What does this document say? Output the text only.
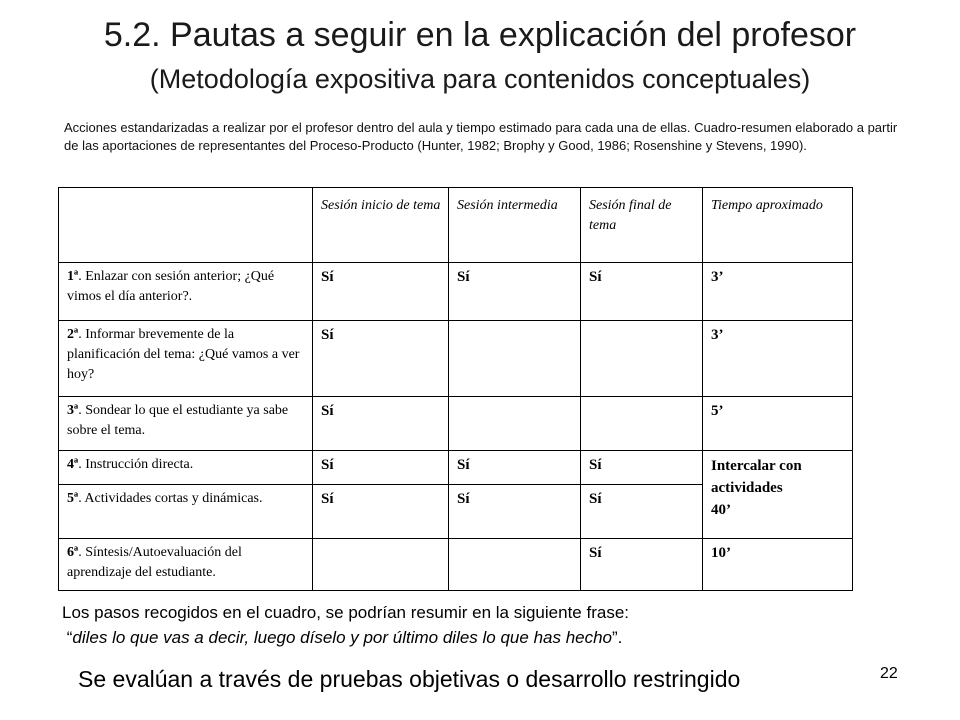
5.2. Pautas a seguir en la explicación del profesor
(Metodología expositiva para contenidos conceptuales)
Acciones estandarizadas a realizar por el profesor dentro del aula y tiempo estimado para cada una de ellas. Cuadro-resumen elaborado a partir de las aportaciones de representantes del Proceso-Producto (Hunter, 1982; Brophy y Good, 1986; Rosenshine y Stevens, 1990).
	Sesión inicio de tema	Sesión intermedia	Sesión final de tema	Tiempo aproximado
1ª. Enlazar con sesión anterior; ¿Qué vimos el día anterior?.	Sí	Sí	Sí	3’
2ª. Informar brevemente de la planificación del tema: ¿Qué vamos a ver hoy?	Sí			3’
3ª. Sondear lo que el estudiante ya sabe sobre el tema.	Sí			5’
4ª. Instrucción directa.	Sí	Sí	Sí	Intercalar con
actividades
40’

5ª. Actividades cortas y dinámicas.	Sí	Sí	Sí	
6ª. Síntesis/Autoevaluación del aprendizaje del estudiante.			Sí	10’
Los pasos recogidos en el cuadro, se podrían resumir en la siguiente frase:
“diles lo que vas a decir, luego díselo y por último diles lo que has hecho”.
Se evalúan a través de pruebas objetivas o desarrollo restringido	22
